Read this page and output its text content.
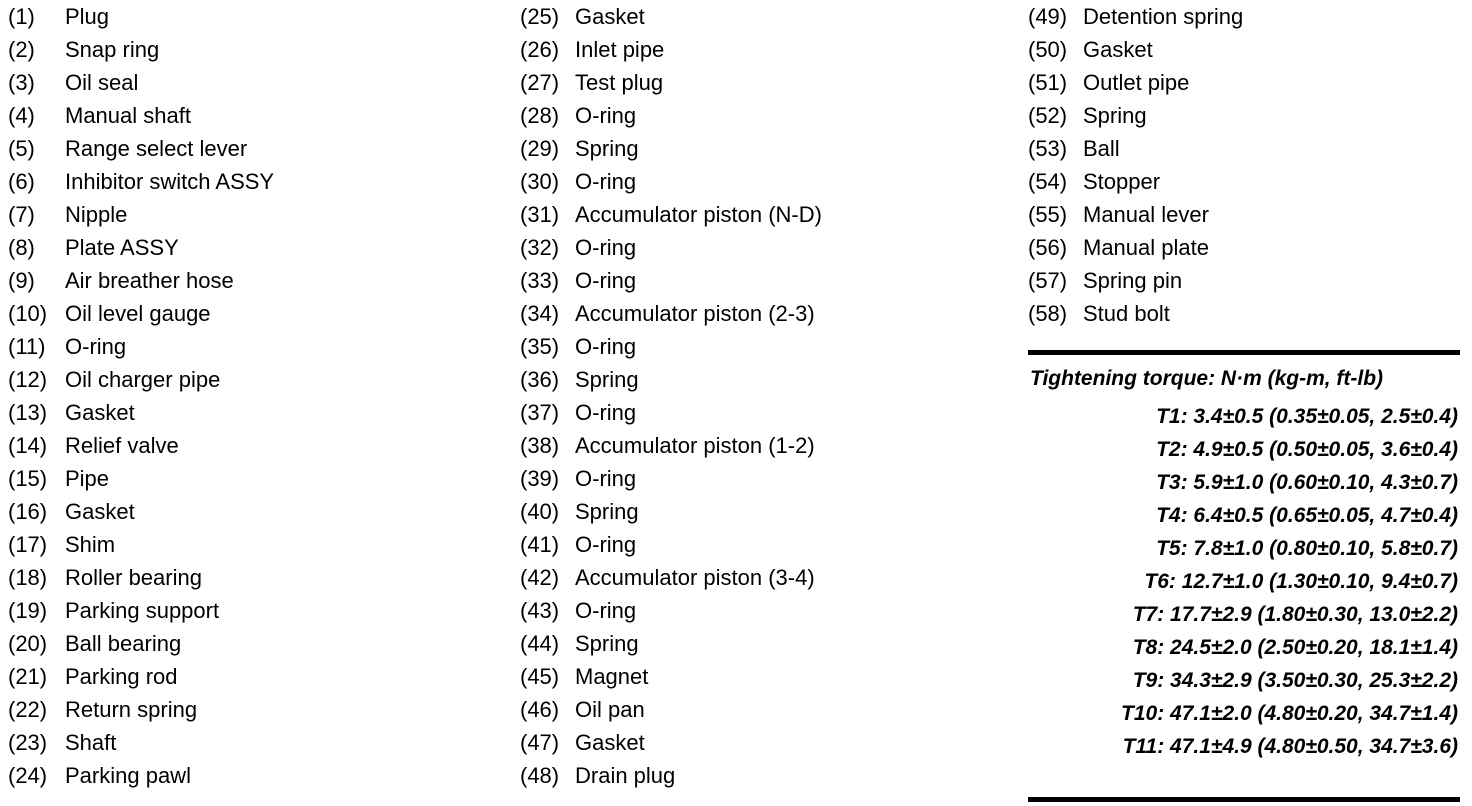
(1)	Plug
(2)	Snap ring
(3)	Oil seal
(4)	Manual shaft
(5)	Range select lever
(6)	Inhibitor switch ASSY
(7)	Nipple
(8)	Plate ASSY
(9)	Air breather hose
(10) Oil level gauge
(11) O-ring
(12) Oil charger pipe
(13) Gasket
(14) Relief valve
(15) Pipe
(16) Gasket
(17) Shim
(18) Roller bearing
(19) Parking support
(20) Ball bearing
(21) Parking rod
(22) Return spring
(23) Shaft
(24) Parking pawl
(25) Gasket
(26) Inlet pipe
(27) Test plug
(28) O-ring
(29) Spring
(30) O-ring
(31) Accumulator piston (N-D)
(32) O-ring
(33) O-ring
(34) Accumulator piston (2-3)
(35) O-ring
(36) Spring
(37) O-ring
(38) Accumulator piston (1-2)
(39) O-ring
(40) Spring
(41) O-ring
(42) Accumulator piston (3-4)
(43) O-ring
(44) Spring
(45) Magnet
(46) Oil pan
(47) Gasket
(48) Drain plug
(49) Detention spring
(50) Gasket
(51) Outlet pipe
(52) Spring
(53) Ball
(54) Stopper
(55) Manual lever
(56) Manual plate
(57) Spring pin
(58) Stud bolt
Tightening torque: N·m (kg-m, ft-lb)
T1: 3.4±0.5 (0.35±0.05, 2.5±0.4)
T2: 4.9±0.5 (0.50±0.05, 3.6±0.4)
T3: 5.9±1.0 (0.60±0.10, 4.3±0.7)
T4: 6.4±0.5 (0.65±0.05, 4.7±0.4)
T5: 7.8±1.0 (0.80±0.10, 5.8±0.7)
T6: 12.7±1.0 (1.30±0.10, 9.4±0.7)
T7: 17.7±2.9 (1.80±0.30, 13.0±2.2)
T8: 24.5±2.0 (2.50±0.20, 18.1±1.4)
T9: 34.3±2.9 (3.50±0.30, 25.3±2.2)
T10: 47.1±2.0 (4.80±0.20, 34.7±1.4)
T11: 47.1±4.9 (4.80±0.50, 34.7±3.6)
